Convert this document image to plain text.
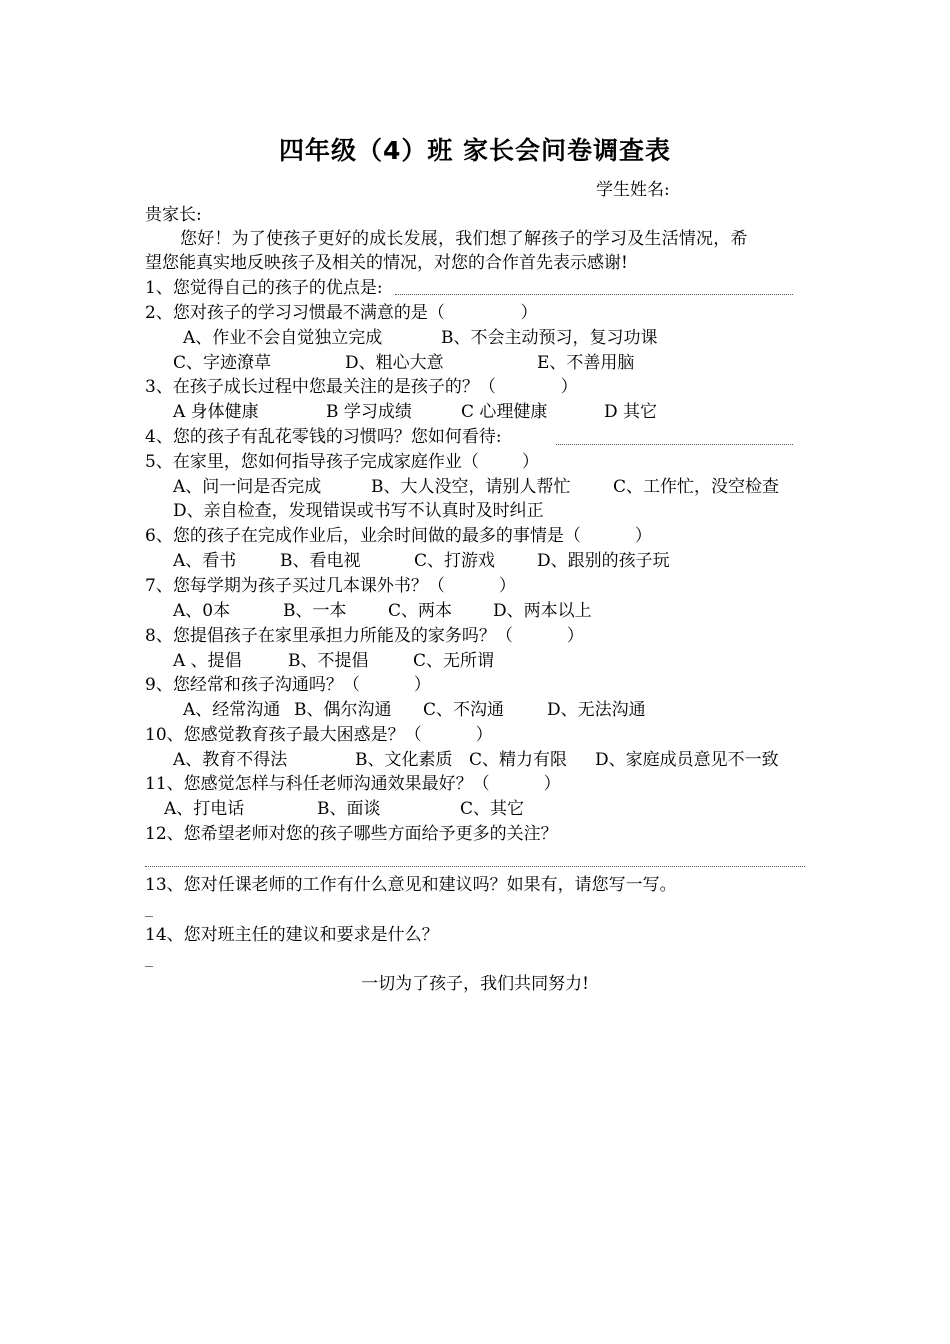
四年级（4）班 家长会问卷调查表
学生姓名:
贵家长:
您好！为了使孩子更好的成长发展，我们想了解孩子的学习及生活情况，希
望您能真实地反映孩子及相关的情况，对您的合作首先表示感谢!
1、您觉得自己的孩子的优点是:
2、您对孩子的学习习惯最不满意的是（              ）
A、作业不会自觉独立完成	B、不会主动预习，复习功课
C、字迹潦草	D、粗心大意	E、不善用脑
3、在孩子成长过程中您最关注的是孩子的？（            ）
A 身体健康	B 学习成绩	C 心理健康	D 其它
4、您的孩子有乱花零钱的习惯吗？您如何看待:
5、在家里，您如何指导孩子完成家庭作业（        ）
A、问一问是否完成	B、大人没空，请别人帮忙	C、工作忙，没空检查
D、亲自检查，发现错误或书写不认真时及时纠正
6、您的孩子在完成作业后，业余时间做的最多的事情是（          ）
A、看书	B、看电视	C、打游戏 D、跟别的孩子玩
7、您每学期为孩子买过几本课外书？（          ）
A、0本	B、一本 C、两本 D、两本以上
8、您提倡孩子在家里承担力所能及的家务吗？（          ）
A 、提倡	B、不提倡	C、无所谓
9、您经常和孩子沟通吗？（          ）
A、经常沟通 B、偶尔沟通 C、不沟通	D、无法沟通
10、您感觉教育孩子最大困惑是？（          ）
A、教育不得法	B、文化素质 C、精力有限 D、家庭成员意见不一致
11、您感觉怎样与科任老师沟通效果最好？（          ）
A、打电话	B、面谈	C、其它
12、您希望老师对您的孩子哪些方面给予更多的关注？
13、您对任课老师的工作有什么意见和建议吗？如果有，请您写一写。
14、您对班主任的建议和要求是什么？
一切为了孩子，我们共同努力!
